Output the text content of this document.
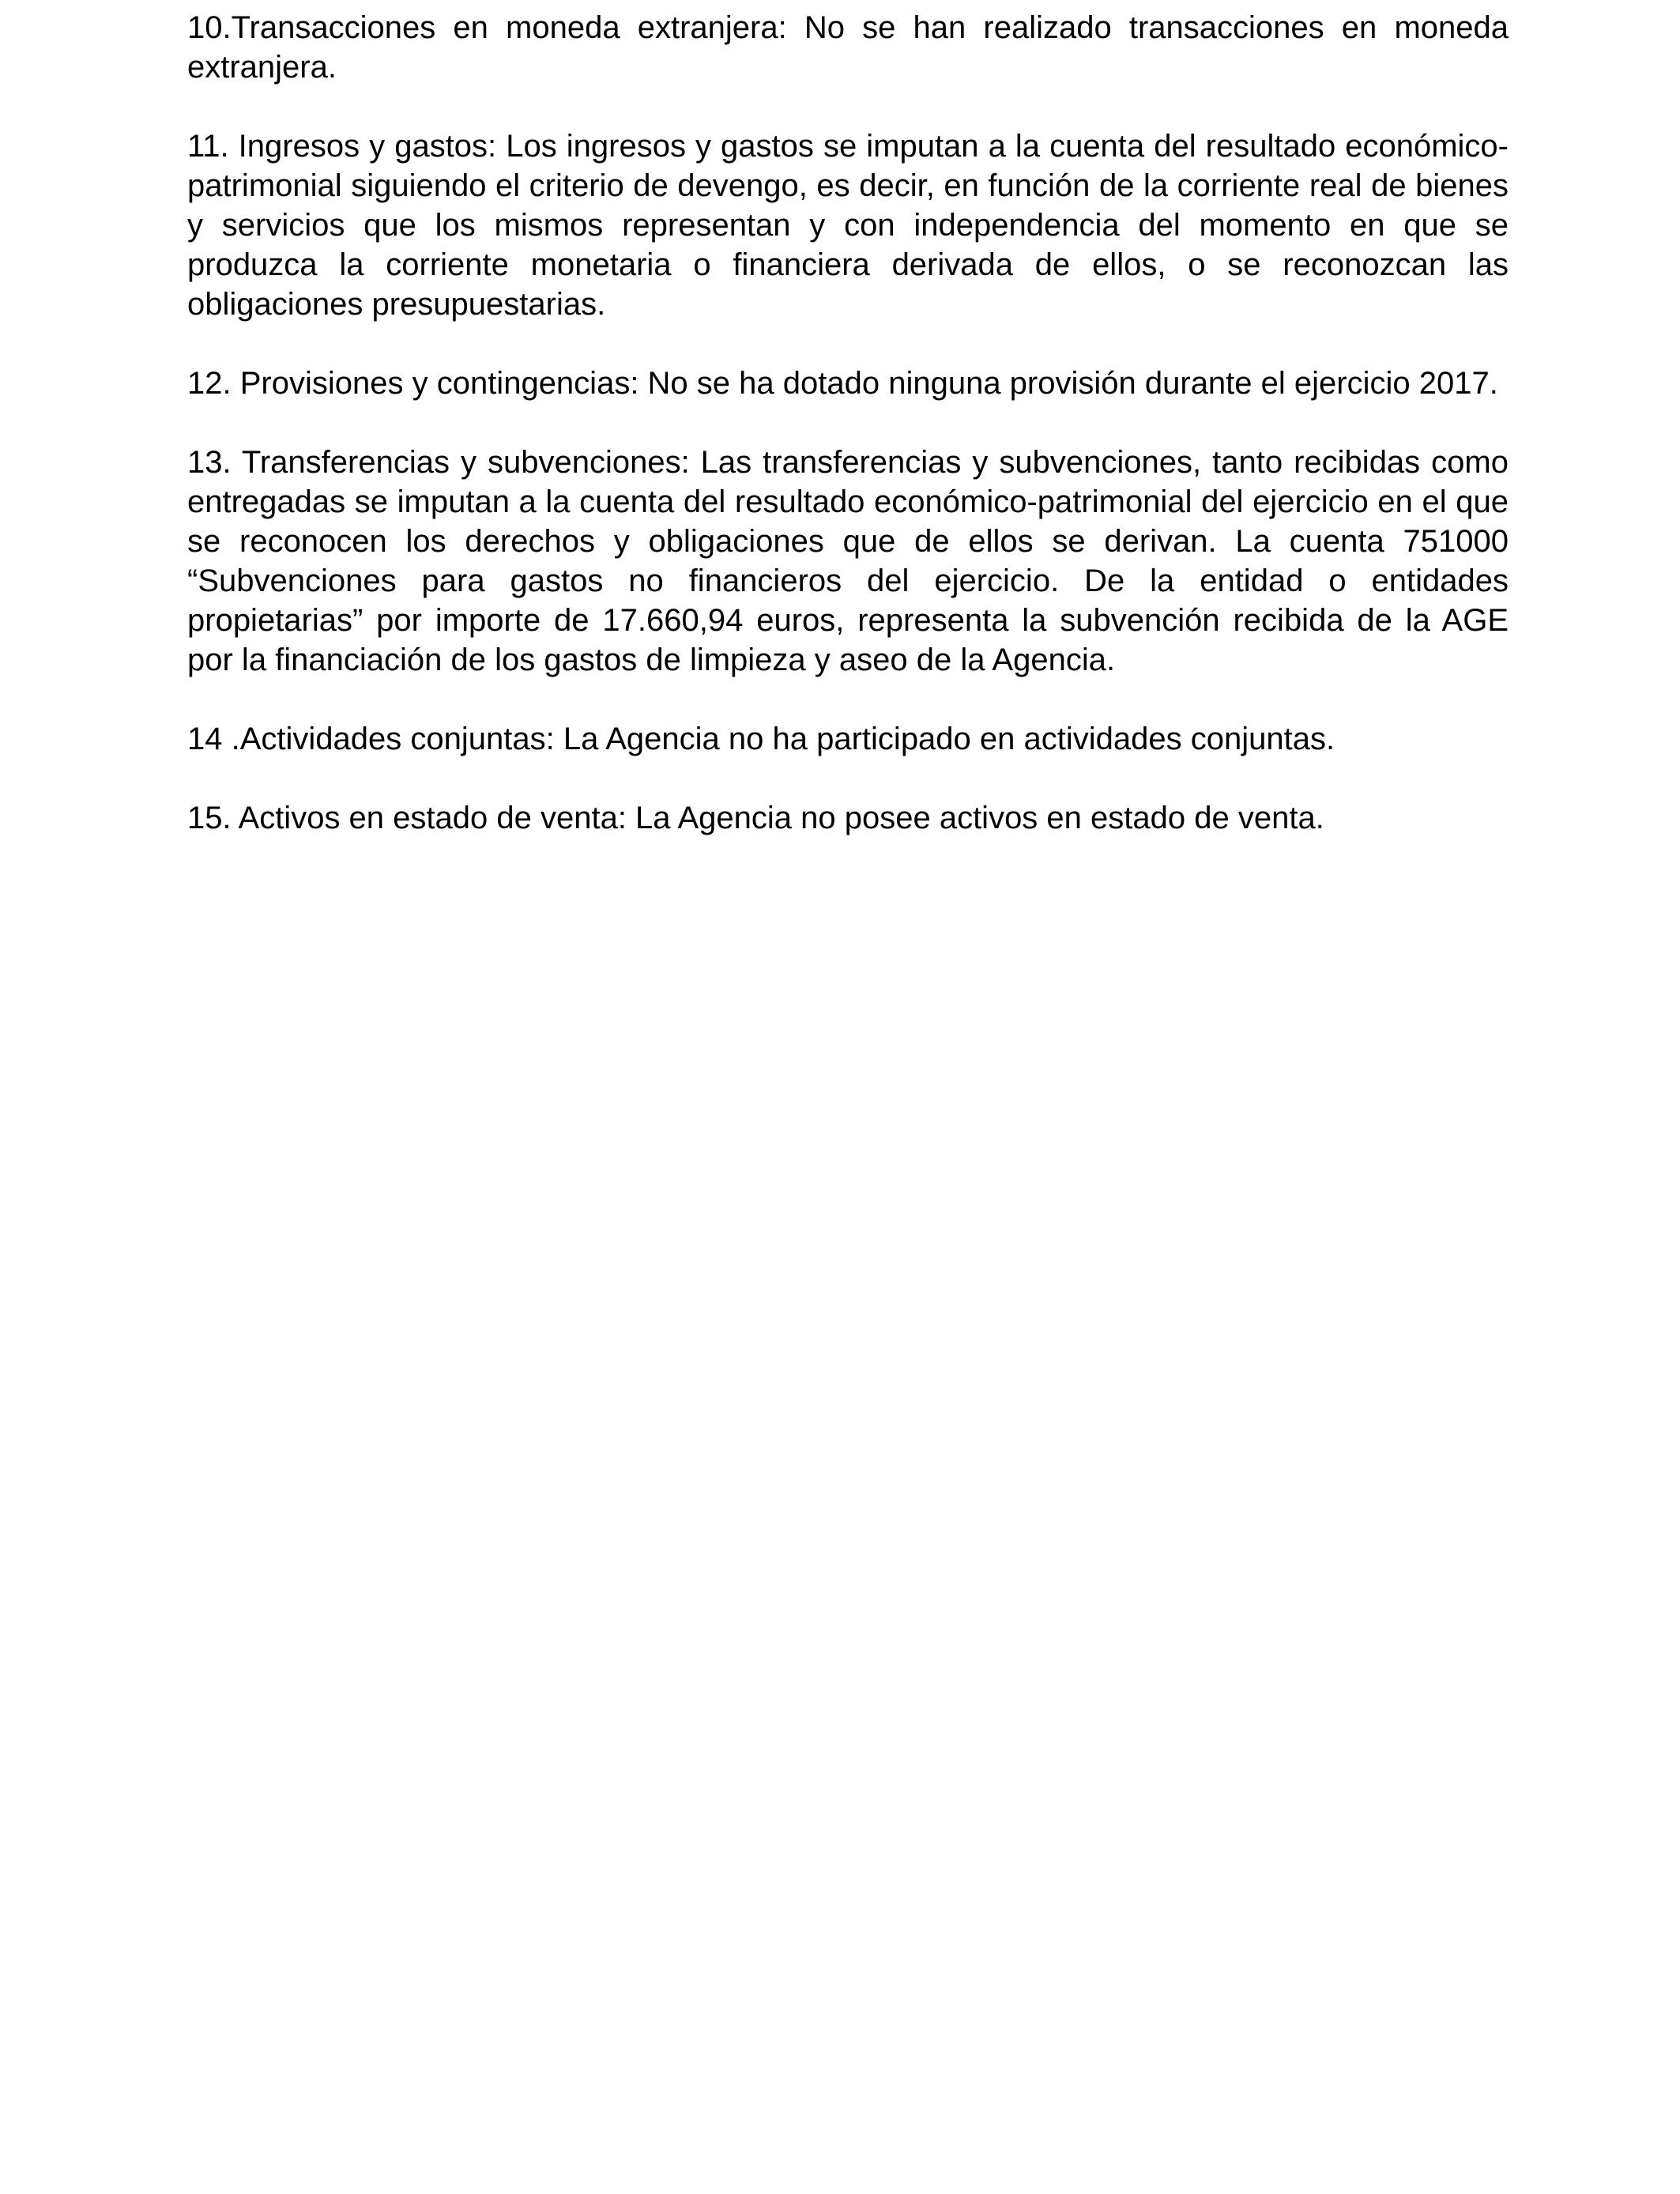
10.Transacciones en moneda extranjera: No se han realizado transacciones en moneda extranjera.

11. Ingresos y gastos: Los ingresos y gastos se imputan a la cuenta del resultado económico-patrimonial siguiendo el criterio de devengo, es decir, en función de la corriente real de bienes y servicios que los mismos representan y con independencia del momento en que se produzca la corriente monetaria o financiera derivada de ellos, o se reconozcan las obligaciones presupuestarias.

12. Provisiones y contingencias: No se ha dotado ninguna provisión durante el ejercicio 2017.

13. Transferencias y subvenciones: Las transferencias y subvenciones, tanto recibidas como entregadas se imputan a la cuenta del resultado económico-patrimonial del ejercicio en el que se reconocen los derechos y obligaciones que de ellos se derivan. La cuenta 751000 “Subvenciones para gastos no financieros del ejercicio. De la entidad o entidades propietarias” por importe de 17.660,94 euros, representa la subvención recibida de la AGE por la financiación de los gastos de limpieza y aseo de la Agencia.

14 .Actividades conjuntas: La Agencia no ha participado en actividades conjuntas.

15. Activos en estado de venta: La Agencia no posee activos en estado de venta.
